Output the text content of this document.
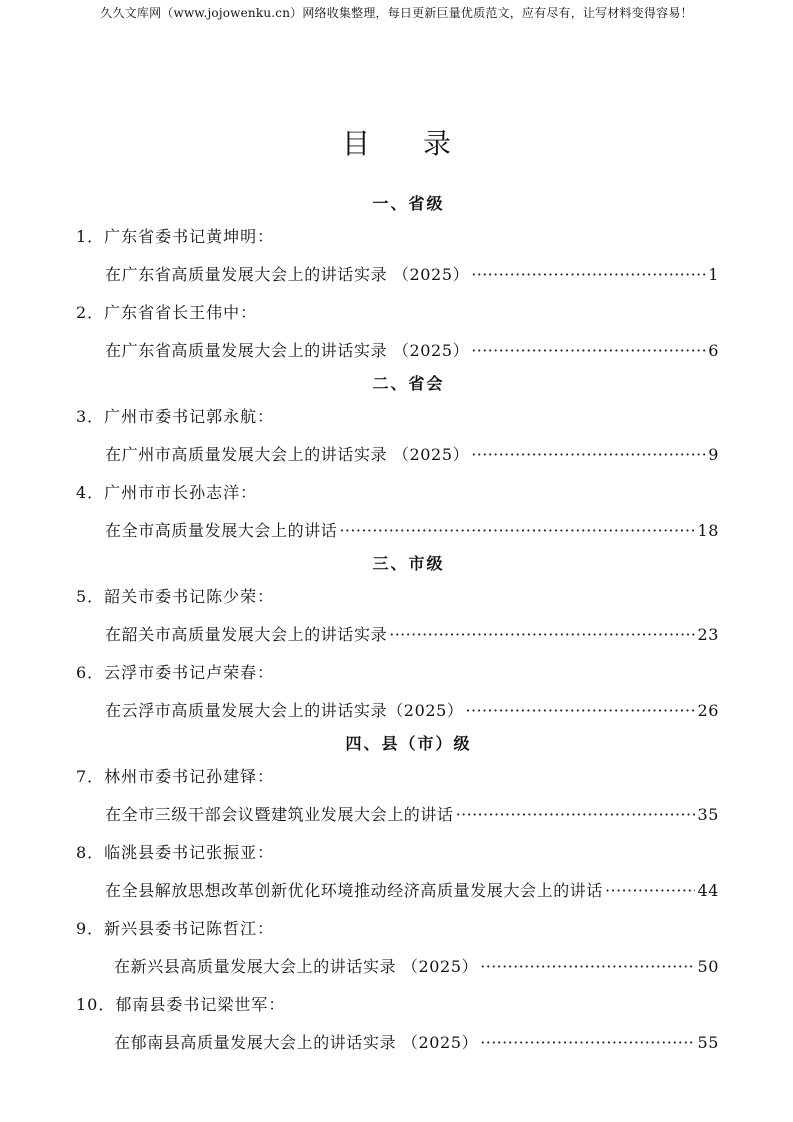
久久文库网（www.jojowenku.cn）网络收集整理，每日更新巨量优质范文，应有尽有，让写材料变得容易！
目 录
一、省级
1．广东省委书记黄坤明：
在广东省高质量发展大会上的讲话实录 （2025） ·····	1
2．广东省省长王伟中：
在广东省高质量发展大会上的讲话实录 （2025） ·····	6
二、省会
3．广州市委书记郭永航：
在广州市高质量发展大会上的讲话实录 （2025） ·····	9
4．广州市市长孙志洋：
在全市高质量发展大会上的讲话 ·····	18
三、市级
5．韶关市委书记陈少荣：
在韶关市高质量发展大会上的讲话实录 ·····	23
6．云浮市委书记卢荣春：
在云浮市高质量发展大会上的讲话实录（2025） ·····	26
四、县（市）级
7．林州市委书记孙建铎：
在全市三级干部会议暨建筑业发展大会上的讲话 ·····	35
8．临洮县委书记张振亚：
在全县解放思想改革创新优化环境推动经济高质量发展大会上的讲话 ·····	44
9．新兴县委书记陈哲江：
在新兴县高质量发展大会上的讲话实录 （2025） ·····	50
10．郁南县委书记梁世军：
在郁南县高质量发展大会上的讲话实录 （2025） ·····	55
